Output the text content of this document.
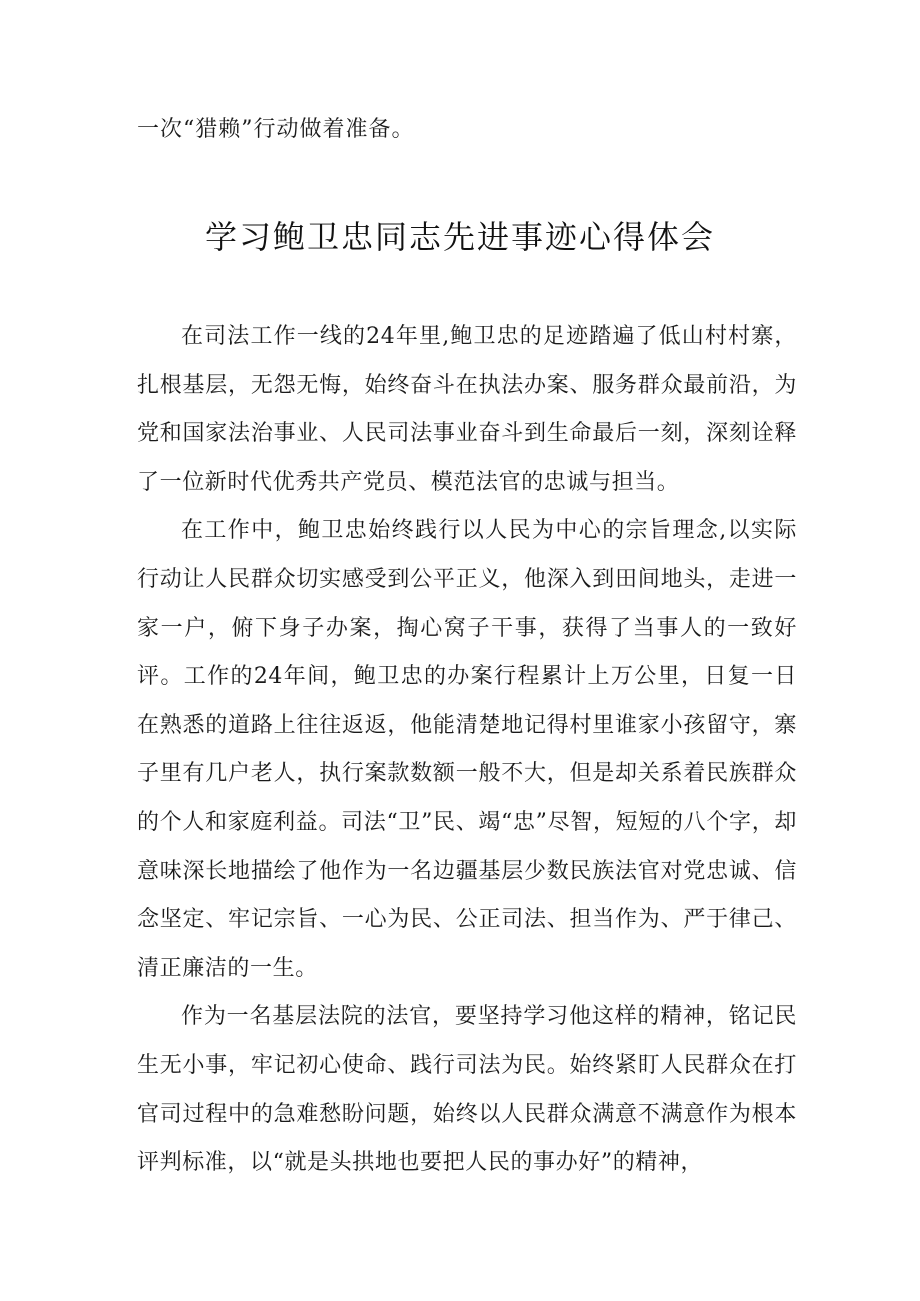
一次“猎赖”行动做着准备。
学习鲍卫忠同志先进事迹心得体会

在司法工作一线的24年里,鲍卫忠的足迹踏遍了低山村村寨，扎根基层，无怨无悔，始终奋斗在执法办案、服务群众最前沿，为党和国家法治事业、人民司法事业奋斗到生命最后一刻，深刻诠释了一位新时代优秀共产党员、模范法官的忠诚与担当。

在工作中，鲍卫忠始终践行以人民为中心的宗旨理念,以实际行动让人民群众切实感受到公平正义，他深入到田间地头，走进一家一户，俯下身子办案，掏心窝子干事，获得了当事人的一致好评。工作的24年间，鲍卫忠的办案行程累计上万公里，日复一日在熟悉的道路上往往返返，他能清楚地记得村里谁家小孩留守，寨子里有几户老人，执行案款数额一般不大，但是却关系着民族群众的个人和家庭利益。司法“卫”民、竭“忠”尽智，短短的八个字，却意味深长地描绘了他作为一名边疆基层少数民族法官对党忠诚、信念坚定、牢记宗旨、一心为民、公正司法、担当作为、严于律己、清正廉洁的一生。

作为一名基层法院的法官，要坚持学习他这样的精神，铭记民生无小事，牢记初心使命、践行司法为民。始终紧盯人民群众在打官司过程中的急难愁盼问题，始终以人民群众满意不满意作为根本评判标准，以“就是头拱地也要把人民的事办好”的精神，
